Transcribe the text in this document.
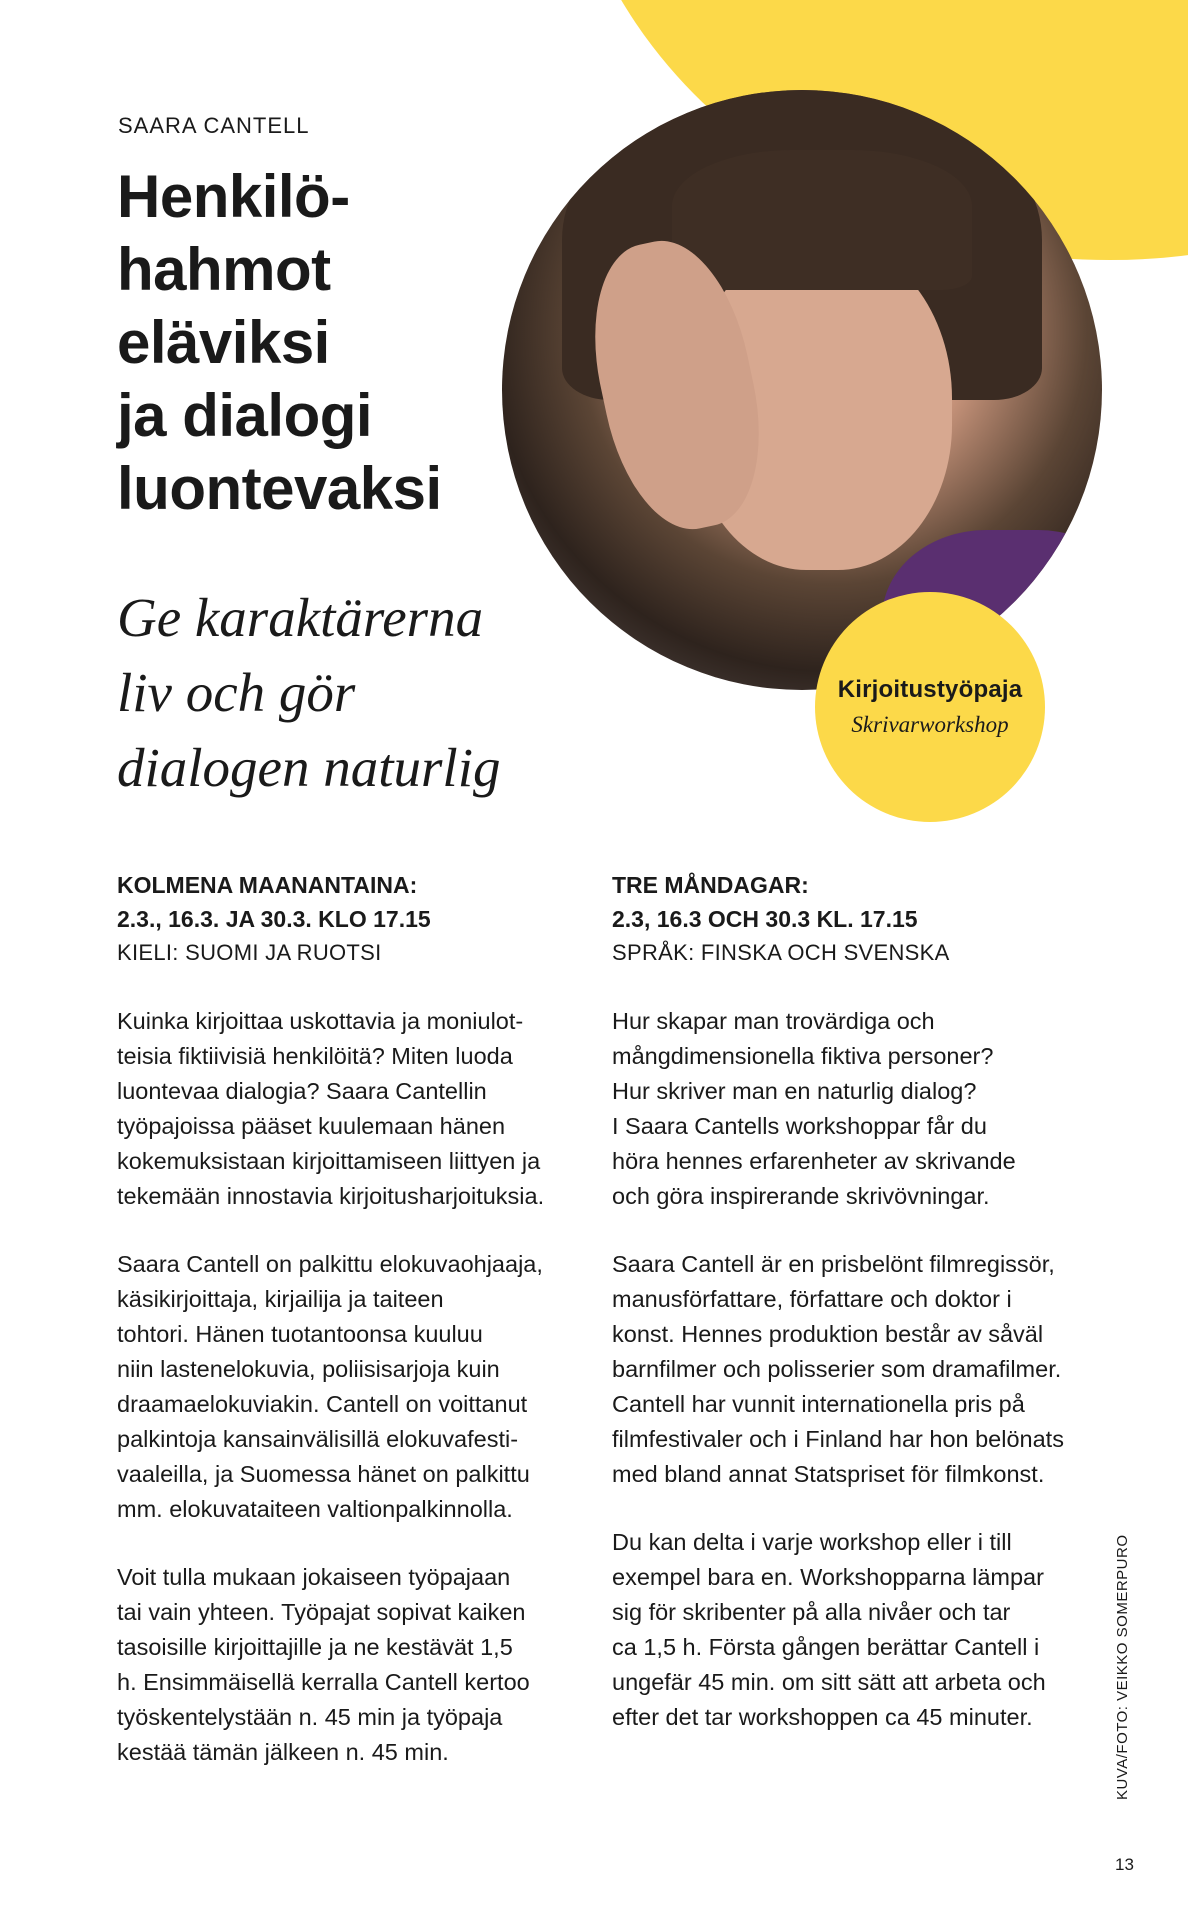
Kirjoitustyöpaja
Skrivarworkshop
SAARA CANTELL
Henkilö-
hahmot
eläviksi
ja dialogi
luontevaksi
Ge karaktärerna
liv och gör
dialogen naturlig
KOLMENA MAANANTAINA:
2.3., 16.3. JA 30.3. KLO 17.15
KIELI: SUOMI JA RUOTSI

Kuinka kirjoittaa uskottavia ja moniulot-
teisia fiktiivisiä henkilöitä? Miten luoda
luontevaa dialogia? Saara Cantellin
työpajoissa pääset kuulemaan hänen
kokemuksistaan kirjoittamiseen liittyen ja
tekemään innostavia kirjoitusharjoituksia.

Saara Cantell on palkittu elokuvaohjaaja,
käsikirjoittaja, kirjailija ja taiteen
tohtori. Hänen tuotantoonsa kuuluu
niin lastenelokuvia, poliisisarjoja kuin
draamaelokuviakin. Cantell on voittanut
palkintoja kansainvälisillä elokuvafesti-
vaaleilla, ja Suomessa hänet on palkittu
mm. elokuvataiteen valtionpalkinnolla.

Voit tulla mukaan jokaiseen työpajaan
tai vain yhteen. Työpajat sopivat kaiken
tasoisille kirjoittajille ja ne kestävät 1,5
h. Ensimmäisellä kerralla Cantell kertoo
työskentelystään n. 45 min ja työpaja
kestää tämän jälkeen n. 45 min.

TRE MÅNDAGAR:
2.3, 16.3 OCH 30.3 KL. 17.15
SPRÅK: FINSKA OCH SVENSKA

Hur skapar man trovärdiga och
mångdimensionella fiktiva personer?
Hur skriver man en naturlig dialog?
I Saara Cantells workshoppar får du
höra hennes erfarenheter av skrivande
och göra inspirerande skrivövningar.

Saara Cantell är en prisbelönt filmregissör,
manusförfattare, författare och doktor i
konst. Hennes produktion består av såväl
barnfilmer och polisserier som dramafilmer.
Cantell har vunnit internationella pris på
filmfestivaler och i Finland har hon belönats
med bland annat Statspriset för filmkonst.

Du kan delta i varje workshop eller i till
exempel bara en. Workshopparna lämpar
sig för skribenter på alla nivåer och tar
ca 1,5 h. Första gången berättar Cantell i
ungefär 45 min. om sitt sätt att arbeta och
efter det tar workshoppen ca 45 minuter.	KUVA/FOTO: VEIKKO SOMERPURO
13
